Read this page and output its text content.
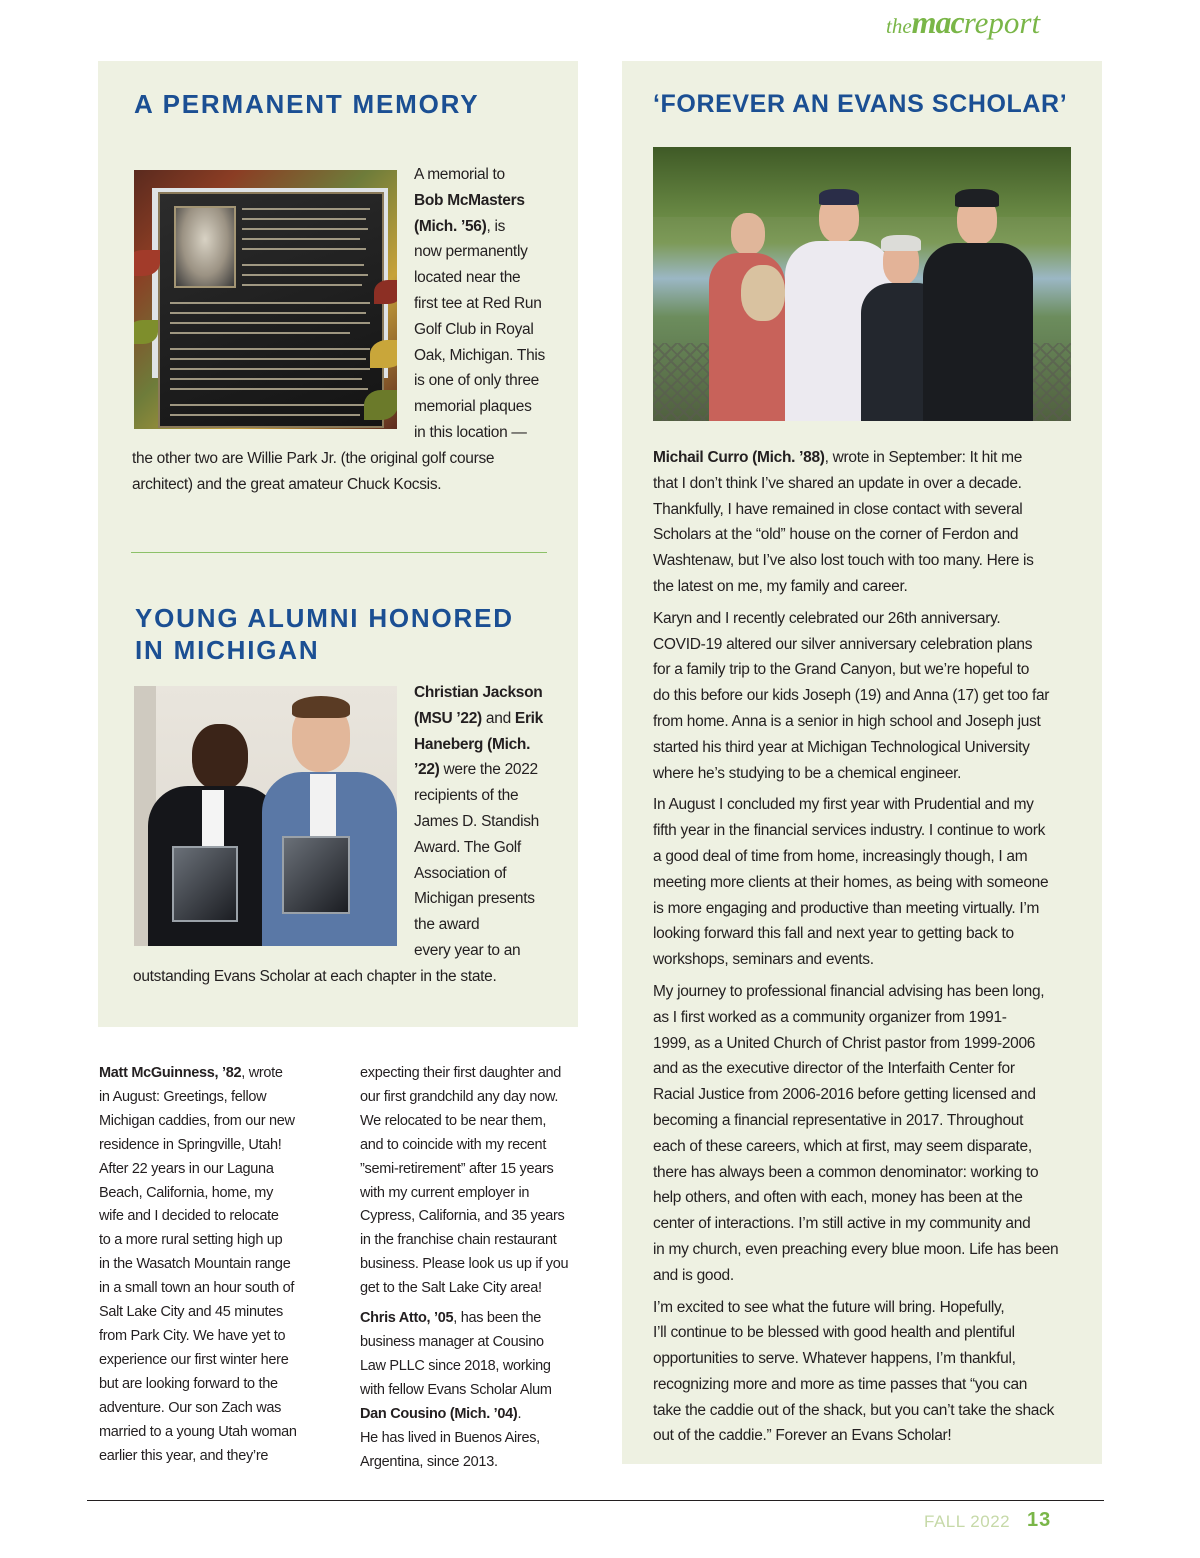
themacreport
A PERMANENT MEMORY

A memorial to

Bob McMasters

(Mich. ’56), is

now permanently

located near the

first tee at Red Run

Golf Club in Royal

Oak, Michigan. This

is one of only three

memorial plaques

in this location —

the other two are Willie Park Jr. (the original golf course

architect) and the great amateur Chuck Kocsis.

YOUNG ALUMNI HONORED
IN MICHIGAN

Christian Jackson

(MSU ’22) and Erik

Haneberg (Mich.

’22) were the 2022

recipients of the

James D. Standish

Award. The Golf

Association of

Michigan presents

the award

every year to an

outstanding Evans Scholar at each chapter in the state.

‘FOREVER AN EVANS SCHOLAR’

Michail Curro (Mich. ’88), wrote in September: It hit me

that I don’t think I’ve shared an update in over a decade.

Thankfully, I have remained in close contact with several

Scholars at the “old” house on the corner of Ferdon and

Washtenaw, but I’ve also lost touch with too many. Here is

the latest on me, my family and career.

Karyn and I recently celebrated our 26th anniversary.

COVID-19 altered our silver anniversary celebration plans

for a family trip to the Grand Canyon, but we’re hopeful to

do this before our kids Joseph (19) and Anna (17) get too far

from home. Anna is a senior in high school and Joseph just

started his third year at Michigan Technological University

where he’s studying to be a chemical engineer.

In August I concluded my first year with Prudential and my

fifth year in the financial services industry. I continue to work

a good deal of time from home, increasingly though, I am

meeting more clients at their homes, as being with someone

is more engaging and productive than meeting virtually. I’m

looking forward this fall and next year to getting back to

workshops, seminars and events.

My journey to professional financial advising has been long,

as I first worked as a community organizer from 1991-

1999, as a United Church of Christ pastor from 1999-2006

and as the executive director of the Interfaith Center for

Racial Justice from 2006-2016 before getting licensed and

becoming a financial representative in 2017. Throughout

each of these careers, which at first, may seem disparate,

there has always been a common denominator: working to

help others, and often with each, money has been at the

center of interactions. I’m still active in my community and

in my church, even preaching every blue moon. Life has been

and is good.

I’m excited to see what the future will bring. Hopefully,

I’ll continue to be blessed with good health and plentiful

opportunities to serve. Whatever happens, I’m thankful,

recognizing more and more as time passes that “you can

take the caddie out of the shack, but you can’t take the shack

out of the caddie.” Forever an Evans Scholar!

Matt McGuinness, ’82, wrote

in August: Greetings, fellow

Michigan caddies, from our new

residence in Springville, Utah!

After 22 years in our Laguna

Beach, California, home, my

wife and I decided to relocate

to a more rural setting high up

in the Wasatch Mountain range

in a small town an hour south of

Salt Lake City and 45 minutes

from Park City. We have yet to

experience our first winter here

but are looking forward to the

adventure. Our son Zach was

married to a young Utah woman

earlier this year, and they’re

expecting their first daughter and

our first grandchild any day now.

We relocated to be near them,

and to coincide with my recent

”semi-retirement” after 15 years

with my current employer in

Cypress, California, and 35 years

in the franchise chain restaurant

business. Please look us up if you

get to the Salt Lake City area!

Chris Atto, ’05, has been the

business manager at Cousino

Law PLLC since 2018, working

with fellow Evans Scholar Alum

Dan Cousino (Mich. ’04).

He has lived in Buenos Aires,

Argentina, since 2013.

FALL 2022 13
